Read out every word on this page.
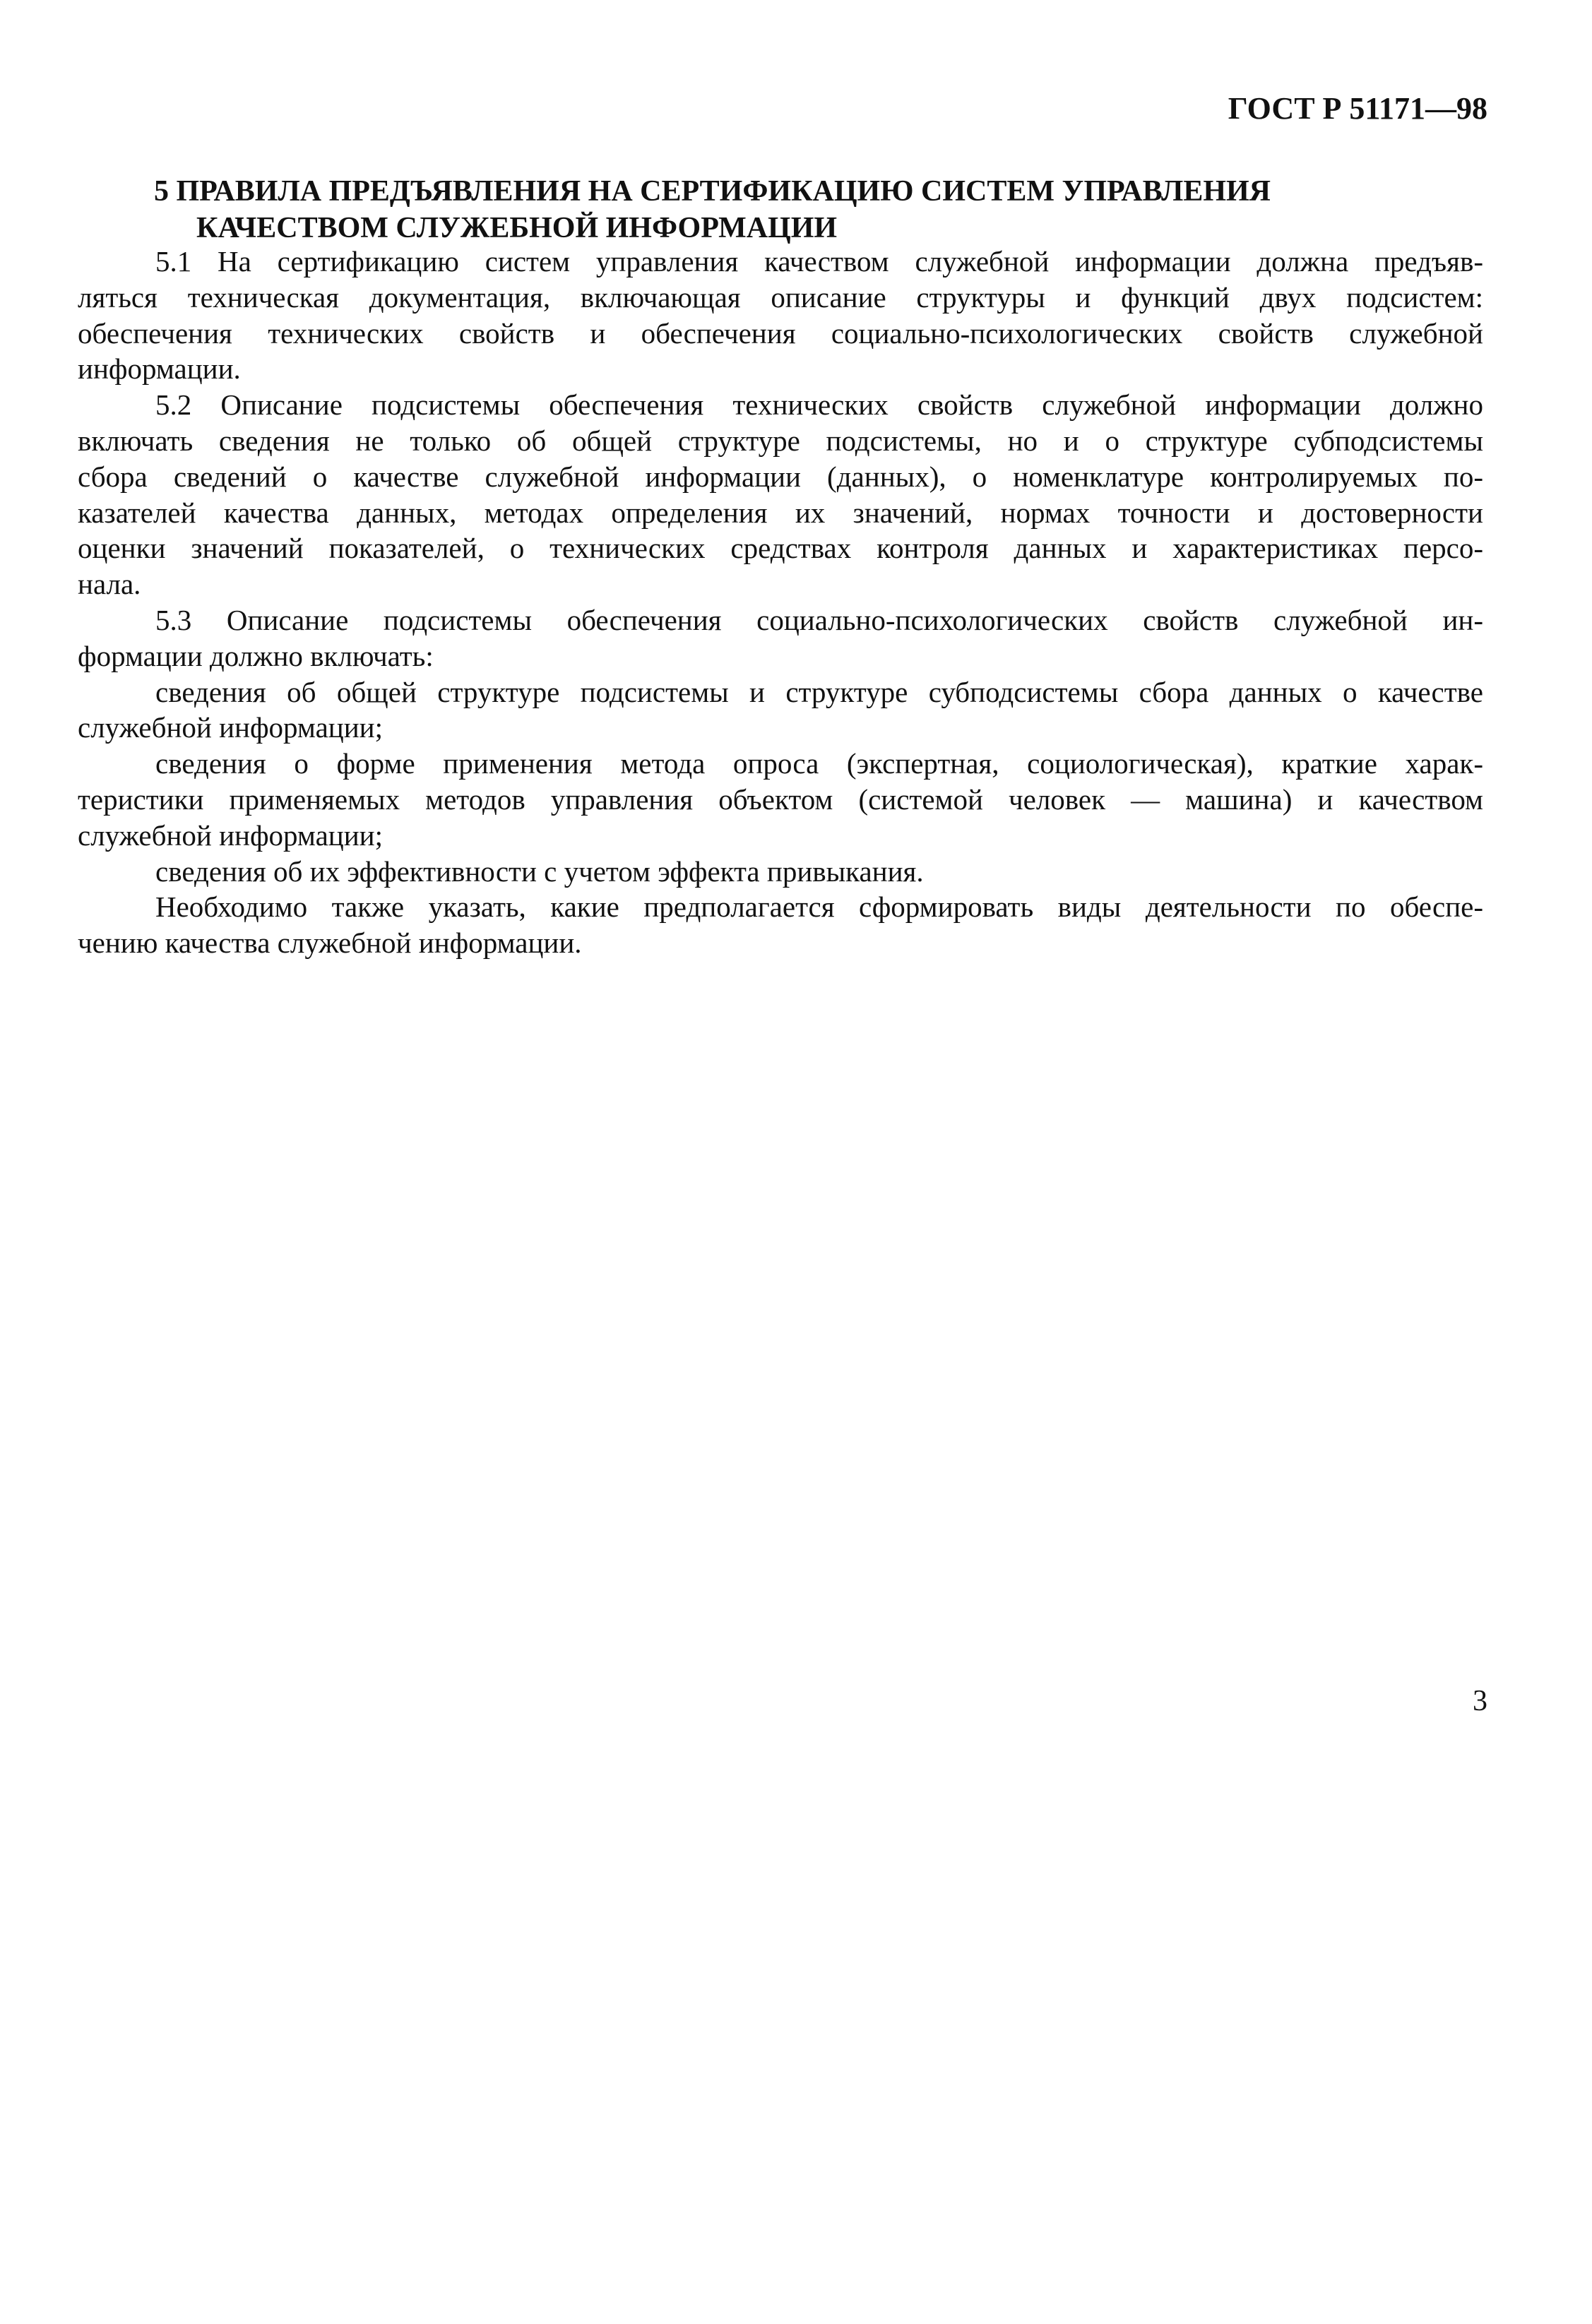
ГОСТ Р 51171—98
5 ПРАВИЛА ПРЕДЪЯВЛЕНИЯ НА СЕРТИФИКАЦИЮ СИСТЕМ УПРАВЛЕНИЯ
КАЧЕСТВОМ СЛУЖЕБНОЙ ИНФОРМАЦИИ
5.1 На сертификацию систем управления качеством служебной информации должна предъяв-
ляться техническая документация, включающая описание структуры и функций двух подсистем:
обеспечения технических свойств и обеспечения социально-психологических свойств служебной
информации.
5.2 Описание подсистемы обеспечения технических свойств служебной информации должно
включать сведения не только об общей структуре подсистемы, но и о структуре субподсистемы
сбора сведений о качестве служебной информации (данных), о номенклатуре контролируемых по-
казателей качества данных, методах определения их значений, нормах точности и достоверности
оценки значений показателей, о технических средствах контроля данных и характеристиках персо-
нала.
5.3 Описание подсистемы обеспечения социально-психологических свойств служебной ин-
формации должно включать:
сведения об общей структуре подсистемы и структуре субподсистемы сбора данных о качестве
служебной информации;
сведения о форме применения метода опроса (экспертная, социологическая), краткие харак-
теристики применяемых методов управления объектом (системой человек — машина) и качеством
служебной информации;
сведения об их эффективности с учетом эффекта привыкания.
Необходимо также указать, какие предполагается сформировать виды деятельности по обеспе-
чению качества служебной информации.
3
